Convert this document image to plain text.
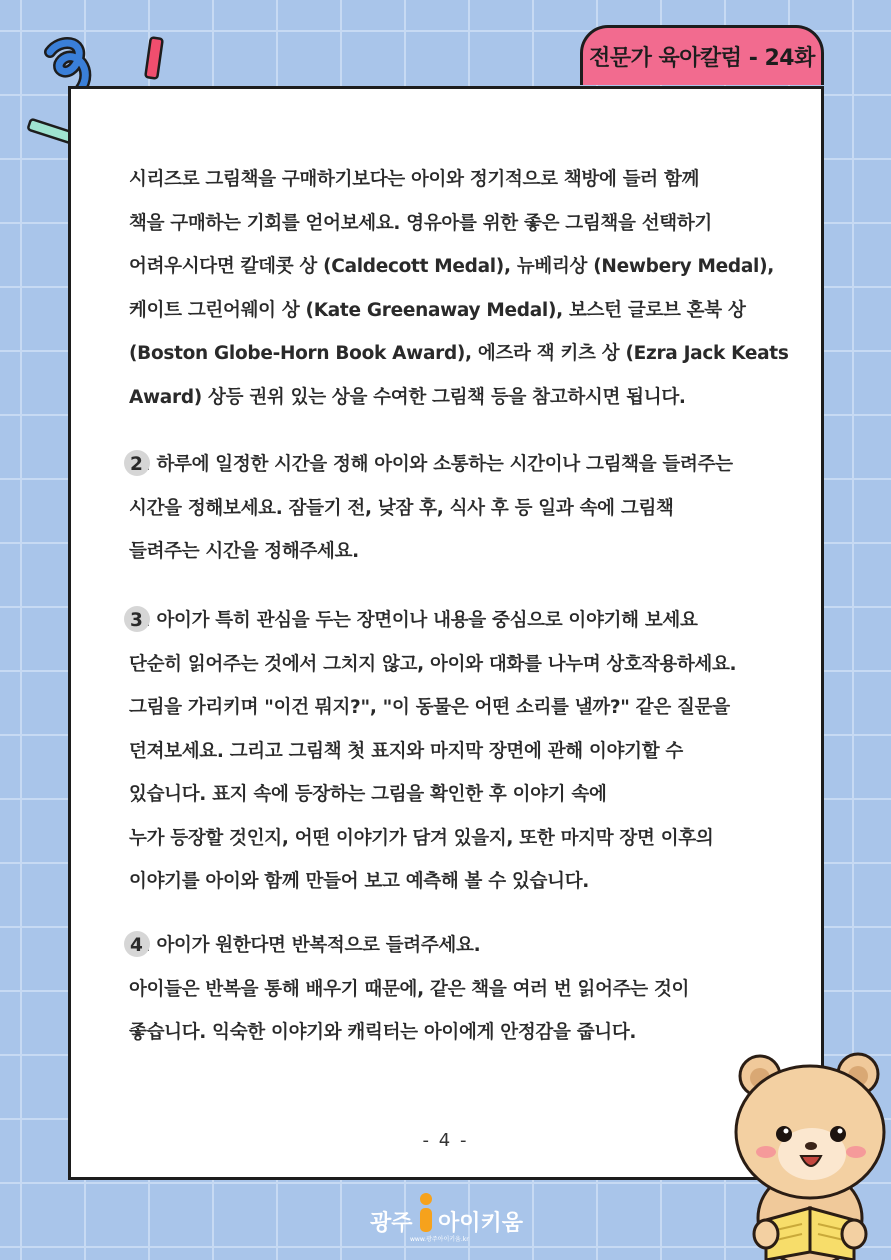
전문가 육아칼럼 - 24화
시리즈로 그림책을 구매하기보다는 아이와 정기적으로 책방에 들러 함께
책을 구매하는 기회를 얻어보세요. 영유아를 위한 좋은 그림책을 선택하기
어려우시다면 칼데콧 상 (Caldecott Medal), 뉴베리상 (Newbery Medal),
케이트 그린어웨이 상 (Kate Greenaway Medal), 보스턴 글로브 혼북 상
(Boston Globe-Horn Book Award), 에즈라 잭 키츠 상 (Ezra Jack Keats
Award) 상등 권위 있는 상을 수여한 그림책 등을 참고하시면 됩니다.
2. 하루에 일정한 시간을 정해 아이와 소통하는 시간이나 그림책을 들려주는
시간을 정해보세요. 잠들기 전, 낮잠 후, 식사 후 등 일과 속에 그림책
들려주는 시간을 정해주세요.
3. 아이가 특히 관심을 두는 장면이나 내용을 중심으로 이야기해 보세요
단순히 읽어주는 것에서 그치지 않고, 아이와 대화를 나누며 상호작용하세요.
그림을 가리키며 "이건 뭐지?", "이 동물은 어떤 소리를 낼까?" 같은 질문을
던져보세요. 그리고 그림책 첫 표지와 마지막 장면에 관해 이야기할 수
있습니다. 표지 속에 등장하는 그림을 확인한 후 이야기 속에
누가 등장할 것인지, 어떤 이야기가 담겨 있을지, 또한 마지막 장면 이후의
이야기를 아이와 함께 만들어 보고 예측해 볼 수 있습니다.
4. 아이가 원한다면 반복적으로 들려주세요.
아이들은 반복을 통해 배우기 때문에, 같은 책을 여러 번 읽어주는 것이
좋습니다. 익숙한 이야기와 캐릭터는 아이에게 안정감을 줍니다.
- 4 -
광주 아이키움
www.광주아이키움.kr
